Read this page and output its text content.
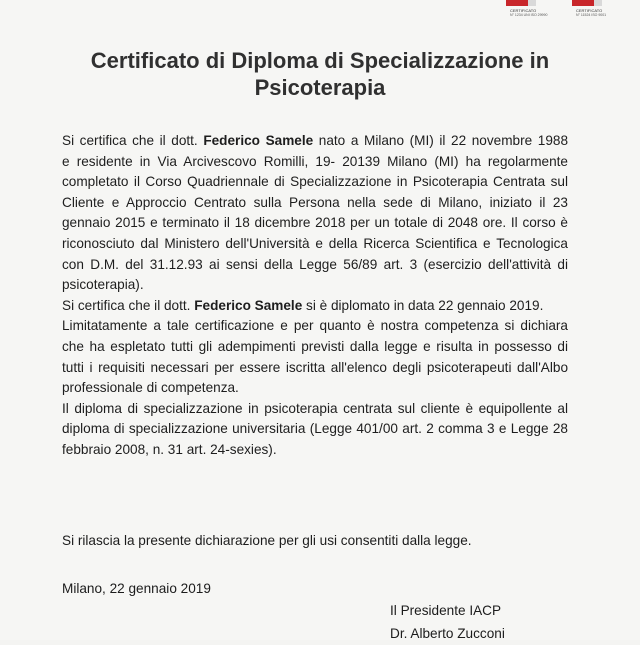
CERTIFICATO
N° 1234 UNI ISO 29990
CERTIFICATO
N° 11524 ISO 9001
Certificato di Diploma di Specializzazione in Psicoterapia
Si certifica che il dott. Federico Samele nato a Milano (MI) il 22 novembre 1988
e residente in Via Arcivescovo Romilli, 19- 20139 Milano (MI) ha regolarmente
completato il Corso Quadriennale di Specializzazione in Psicoterapia Centrata sul
Cliente e Approccio Centrato sulla Persona nella sede di Milano, iniziato il 23
gennaio 2015 e terminato il 18 dicembre 2018 per un totale di 2048 ore. Il corso è
riconosciuto dal Ministero dell'Università e della Ricerca Scientifica e Tecnologica
con D.M. del 31.12.93 ai sensi della Legge 56/89 art. 3 (esercizio dell'attività di
psicoterapia).
Si certifica che il dott. Federico Samele si è diplomato in data 22 gennaio 2019.
Limitatamente a tale certificazione e per quanto è nostra competenza si dichiara
che ha espletato tutti gli adempimenti previsti dalla legge e risulta in possesso di
tutti i requisiti necessari per essere iscritta all'elenco degli psicoterapeuti dall'Albo
professionale di competenza.
Il diploma di specializzazione in psicoterapia centrata sul cliente è equipollente al
diploma di specializzazione universitaria (Legge 401/00 art. 2 comma 3 e Legge 28
febbraio 2008, n. 31 art. 24-sexies).
Si rilascia la presente dichiarazione per gli usi consentiti dalla legge.
Milano, 22 gennaio 2019
Il Presidente IACP
Dr. Alberto Zucconi
